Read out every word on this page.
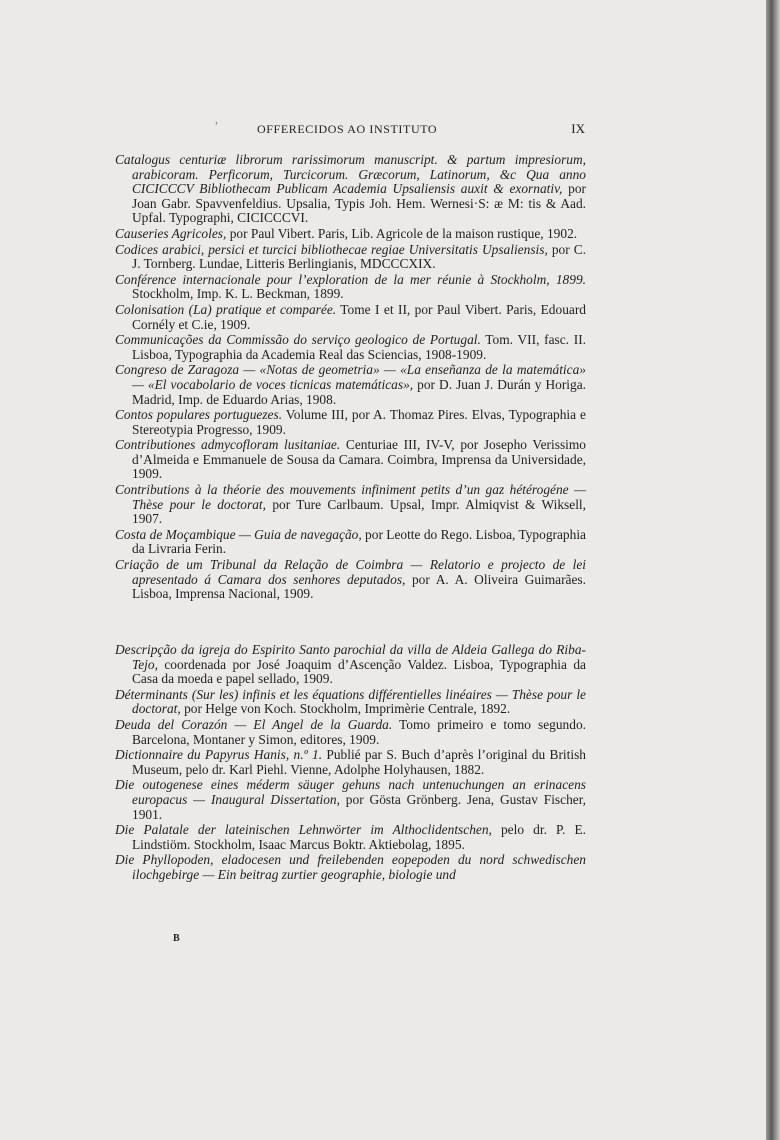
,
OFFERECIDOS AO INSTITUTO	IX

Catalogus centuriæ librorum rarissimorum manuscript. & partum impresiorum, arabicoram. Perficorum, Turcicorum. Græcorum, Latinorum, &c Qua anno CICICCCV Bibliothecam Publicam Academia Upsaliensis auxit & exornativ, por Joan Gabr. Spavvenfeldius. Upsalia, Typis Joh. Hem. Wernesi·S: æ M: tis & Aad. Upfal. Typographi, CICICCCVI.

Causeries Agricoles, por Paul Vibert. Paris, Lib. Agricole de la maison rustique, 1902.

Codices arabici, persici et turcici bibliothecae regiae Universitatis Upsaliensis, por C. J. Tornberg. Lundae, Litteris Berlingianis, MDCCCXIX.

Conférence internacionale pour l’exploration de la mer réunie à Stockholm, 1899. Stockholm, Imp. K. L. Beckman, 1899.

Colonisation (La) pratique et comparée. Tome I et II, por Paul Vibert. Paris, Edouard Cornély et C.ie, 1909.

Communicações da Commissão do serviço geologico de Portugal. Tom. VII, fasc. II. Lisboa, Typographia da Academia Real das Sciencias, 1908-1909.

Congreso de Zaragoza — «Notas de geometria» — «La enseñanza de la matemática» — «El vocabolario de voces ticnicas matemáticas», por D. Juan J. Durán y Horiga. Madrid, Imp. de Eduardo Arias, 1908.

Contos populares portuguezes. Volume III, por A. Thomaz Pires. Elvas, Typographia e Stereotypia Progresso, 1909.

Contributiones admycofloram lusitaniae. Centuriae III, IV-V, por Josepho Verissimo d’Almeida e Emmanuele de Sousa da Camara. Coimbra, Imprensa da Universidade, 1909.

Contributions à la théorie des mouvements infiniment petits d’un gaz hétérogéne — Thèse pour le doctorat, por Ture Carlbaum. Upsal, Impr. Almiqvist & Wiksell, 1907.

Costa de Moçambique — Guia de navegação, por Leotte do Rego. Lisboa, Typographia da Livraria Ferin.

Criação de um Tribunal da Relação de Coimbra — Relatorio e projecto de lei apresentado á Camara dos senhores deputados, por A. A. Oliveira Guimarães. Lisboa, Imprensa Nacional, 1909.

Descripção da igreja do Espirito Santo parochial da villa de Aldeia Gallega do Riba-Tejo, coordenada por José Joaquim d’Ascenção Valdez. Lisboa, Typographia da Casa da moeda e papel sellado, 1909.

Déterminants (Sur les) infinis et les équations différentielles linéaires — Thèse pour le doctorat, por Helge von Koch. Stockholm, Imprimèrie Centrale, 1892.

Deuda del Corazón — El Angel de la Guarda. Tomo primeiro e tomo segundo. Barcelona, Montaner y Simon, editores, 1909.

Dictionnaire du Papyrus Hanis, n.º 1. Publié par S. Buch d’après l’original du British Museum, pelo dr. Karl Piehl. Vienne, Adolphe Holyhausen, 1882.

Die outogenese eines méderm säuger gehuns nach untenuchungen an erinacens europacus — Inaugural Dissertation, por Gösta Grönberg. Jena, Gustav Fischer, 1901.

Die Palatale der lateinischen Lehnwörter im Althoclidentschen, pelo dr. P. E. Lindstiöm. Stockholm, Isaac Marcus Boktr. Aktiebolag, 1895.

Die Phyllopoden, eladocesen und freilebenden eopepoden du nord schwedischen ilochgebirge — Ein beitrag zurtier geographie, biologie und

B
